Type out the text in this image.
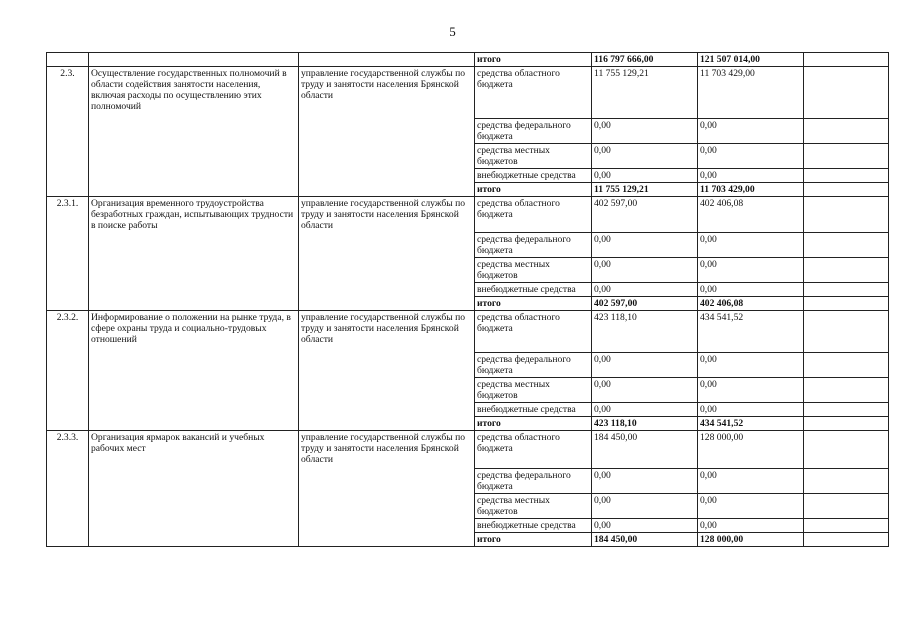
5
			итого	116 797 666,00	121 507 014,00	
2.3.	Осуществление государственных полномочий в области содействия занятости населения, включая расходы по осуществлению этих полномочий	управление государственной службы по труду и занятости населения Брянской области	средства областного бюджета	11 755 129,21	11 703 429,00	
			средства федерального бюджета	0,00	0,00	
			средства местных бюджетов	0,00	0,00	
			внебюджетные средства	0,00	0,00	
			итого	11 755 129,21	11 703 429,00	
2.3.1.	Организация временного трудоустройства безработных граждан, испытывающих трудности в поиске работы	управление государственной службы по труду и занятости населения Брянской области	средства областного бюджета	402 597,00	402 406,08	
			средства федерального бюджета	0,00	0,00	
			средства местных бюджетов	0,00	0,00	
			внебюджетные средства	0,00	0,00	
			итого	402 597,00	402 406,08	
2.3.2.	Информирование о положении на рынке труда, в сфере охраны труда и социально-трудовых отношений	управление государственной службы по труду и занятости населения Брянской области	средства областного бюджета	423 118,10	434 541,52	
			средства федерального бюджета	0,00	0,00	
			средства местных бюджетов	0,00	0,00	
			внебюджетные средства	0,00	0,00	
			итого	423 118,10	434 541,52	
2.3.3.	Организация ярмарок вакансий и учебных рабочих мест	управление государственной службы по труду и занятости населения Брянской области	средства областного бюджета	184 450,00	128 000,00	
			средства федерального бюджета	0,00	0,00	
			средства местных бюджетов	0,00	0,00	
			внебюджетные средства	0,00	0,00	
			итого	184 450,00	128 000,00	
